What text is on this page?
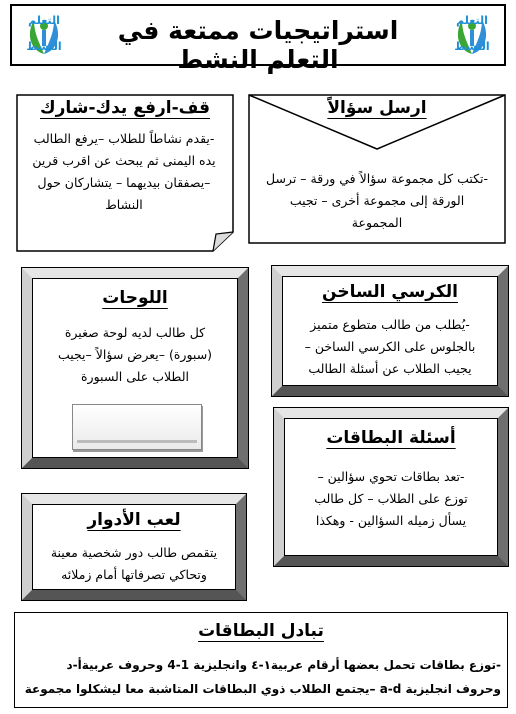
التعلم
النشط
استراتيجيات ممتعة في التعلم النشط
التعلم
النشط
قف-ارفع يدك-شارك
-يقدم نشاطاً للطلاب –يرفع الطالب
يده اليمنى ثم يبحث عن اقرب قرين
–يصفقان بيديهما – يتشاركان حول
النشاط
ارسل سؤالاً
-تكتب كل مجموعة سؤالاً في ورقة – ترسل
الورقة إلى مجموعة أخرى – تجيب
المجموعة
اللوحات
كل طالب لديه لوحة صغيرة
(سبورة) –يعرض سؤالاً –يجيب
الطلاب على السبورة
الكرسي الساخن
-يُطلب من طالب متطوع متميز
بالجلوس على الكرسي الساخن –
يجيب الطلاب عن أسئلة الطالب
أسئلة البطاقات
-تعد بطاقات تحوي سؤالين –
توزع على الطلاب – كل طالب
يسأل زميله السؤالين - وهكذا
لعب الأدوار
يتقمص طالب دور شخصية معينة
وتحاكي تصرفاتها أمام زملائه
تبادل البطاقات
-توزع بطاقات تحمل بعضها أرقام عربية١-٤ وانجليزية 1-4 وحروف عربيةأ-د
وحروف انجليزية a-d –يجتمع الطلاب ذوي البطاقات المتاشبة معا ليشكلوا مجموعة
